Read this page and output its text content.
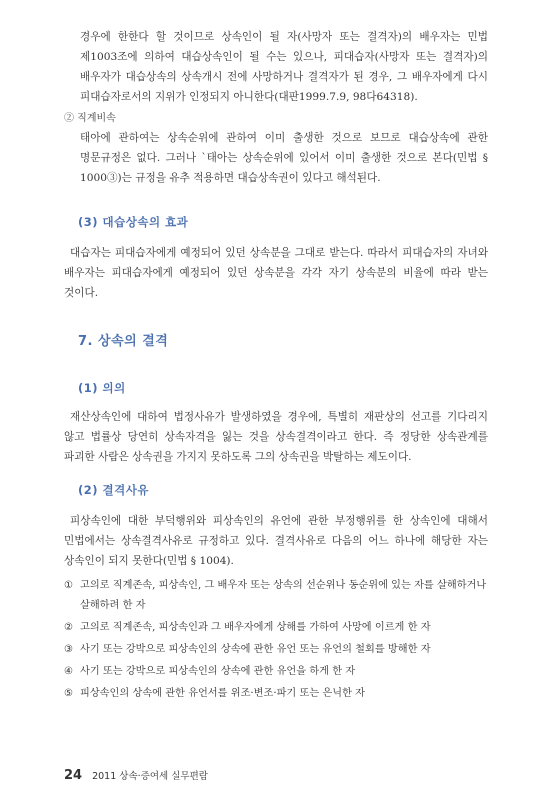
경우에 한한다 할 것이므로 상속인이 될 자(사망자 또는 결격자)의 배우자는 민법 제1003조에 의하여 대습상속인이 될 수는 있으나, 피대습자(사망자 또는 결격자)의 배우자가 대습상속의 상속개시 전에 사망하거나 결격자가 된 경우, 그 배우자에게 다시 피대습자로서의 지위가 인정되지 아니한다(대판1999.7.9, 98다64318).

② 직계비속

태아에 관하여는 상속순위에 관하여 이미 출생한 것으로 보므로 대습상속에 관한 명문규정은 없다. 그러나 `태아는 상속순위에 있어서 이미 출생한 것으로 본다(민법 § 1000③)는 규정을 유추 적용하면 대습상속권이 있다고 해석된다.

(3) 대습상속의 효과

대습자는 피대습자에게 예정되어 있던 상속분을 그대로 받는다. 따라서 피대습자의 자녀와 배우자는 피대습자에게 예정되어 있던 상속분을 각각 자기 상속분의 비율에 따라 받는 것이다.

7. 상속의 결격
(1) 의의

재산상속인에 대하여 법정사유가 발생하였을 경우에, 특별히 재판상의 선고를 기다리지 않고 법률상 당연히 상속자격을 잃는 것을 상속결격이라고 한다. 즉 정당한 상속관계를 파괴한 사람은 상속권을 가지지 못하도록 그의 상속권을 박탈하는 제도이다.

(2) 결격사유

피상속인에 대한 부덕행위와 피상속인의 유언에 관한 부정행위를 한 상속인에 대해서 민법에서는 상속결격사유로 규정하고 있다. 결격사유로 다음의 어느 하나에 해당한 자는 상속인이 되지 못한다(민법 § 1004).

① 고의로 직계존속, 피상속인, 그 배우자 또는 상속의 선순위나 동순위에 있는 자를 살해하거나 살해하려 한 자
② 고의로 직계존속, 피상속인과 그 배우자에게 상해를 가하여 사망에 이르게 한 자
③ 사기 또는 강박으로 피상속인의 상속에 관한 유언 또는 유언의 철회를 방해한 자
④ 사기 또는 강박으로 피상속인의 상속에 관한 유언을 하게 한 자
⑤ 피상속인의 상속에 관한 유언서를 위조·변조·파기 또는 은닉한 자
24 2011 상속·증여세 실무편람
